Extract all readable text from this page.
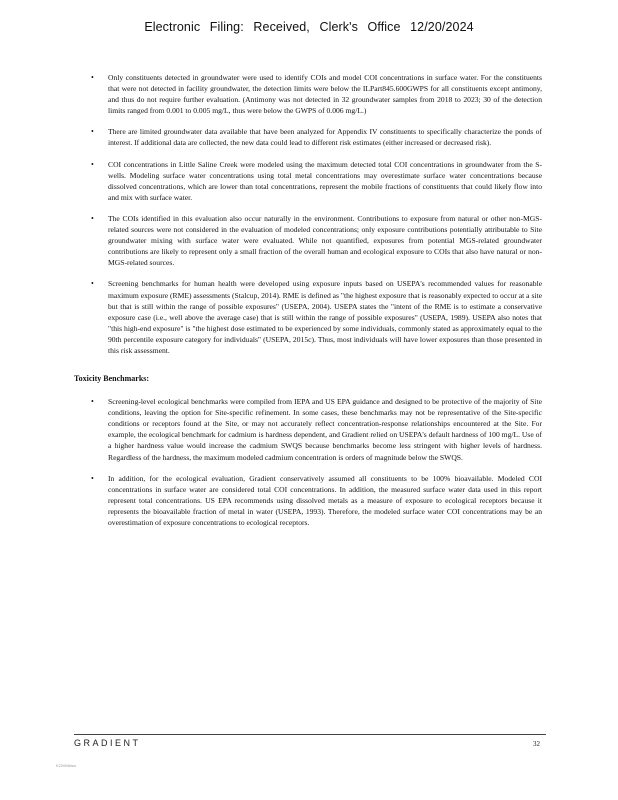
Electronic Filing: Received, Clerk's Office 12/20/2024
• Only constituents detected in groundwater were used to identify COIs and model COI concentrations in surface water. For the constituents that were not detected in facility groundwater, the detection limits were below the ILPart845.600GWPS for all constituents except antimony, and thus do not require further evaluation. (Antimony was not detected in 32 groundwater samples from 2018 to 2023; 30 of the detection limits ranged from 0.001 to 0.005 mg/L, thus were below the GWPS of 0.006 mg/L.)
• There are limited groundwater data available that have been analyzed for Appendix IV constituents to specifically characterize the ponds of interest. If additional data are collected, the new data could lead to different risk estimates (either increased or decreased risk).
• COI concentrations in Little Saline Creek were modeled using the maximum detected total COI concentrations in groundwater from the S-wells. Modeling surface water concentrations using total metal concentrations may overestimate surface water concentrations because dissolved concentrations, which are lower than total concentrations, represent the mobile fractions of constituents that could likely flow into and mix with surface water.
• The COIs identified in this evaluation also occur naturally in the environment. Contributions to exposure from natural or other non-MGS-related sources were not considered in the evaluation of modeled concentrations; only exposure contributions potentially attributable to Site groundwater mixing with surface water were evaluated. While not quantified, exposures from potential MGS-related groundwater contributions are likely to represent only a small fraction of the overall human and ecological exposure to COIs that also have natural or non-MGS-related sources.
• Screening benchmarks for human health were developed using exposure inputs based on USEPA's recommended values for reasonable maximum exposure (RME) assessments (Stalcup, 2014). RME is defined as "the highest exposure that is reasonably expected to occur at a site but that is still within the range of possible exposures" (USEPA, 2004). USEPA states the "intent of the RME is to estimate a conservative exposure case (i.e., well above the average case) that is still within the range of possible exposures" (USEPA, 1989). USEPA also notes that "this high-end exposure" is "the highest dose estimated to be experienced by some individuals, commonly stated as approximately equal to the 90th percentile exposure category for individuals" (USEPA, 2015c). Thus, most individuals will have lower exposures than those presented in this risk assessment.
Toxicity Benchmarks:
• Screening-level ecological benchmarks were compiled from IEPA and US EPA guidance and designed to be protective of the majority of Site conditions, leaving the option for Site-specific refinement. In some cases, these benchmarks may not be representative of the Site-specific conditions or receptors found at the Site, or may not accurately reflect concentration-response relationships encountered at the Site. For example, the ecological benchmark for cadmium is hardness dependent, and Gradient relied on USEPA's default hardness of 100 mg/L. Use of a higher hardness value would increase the cadmium SWQS because benchmarks become less stringent with higher levels of hardness. Regardless of the hardness, the maximum modeled cadmium concentration is orders of magnitude below the SWQS.
• In addition, for the ecological evaluation, Gradient conservatively assumed all constituents to be 100% bioavailable. Modeled COI concentrations in surface water are considered total COI concentrations. In addition, the measured surface water data used in this report represent total concentrations. US EPA recommends using dissolved metals as a measure of exposure to ecological receptors because it represents the bioavailable fraction of metal in water (USEPA, 1993). Therefore, the modeled surface water COI concentrations may be an overestimation of exposure concentrations to ecological receptors.
GRADIENT	32
K220Mblso
